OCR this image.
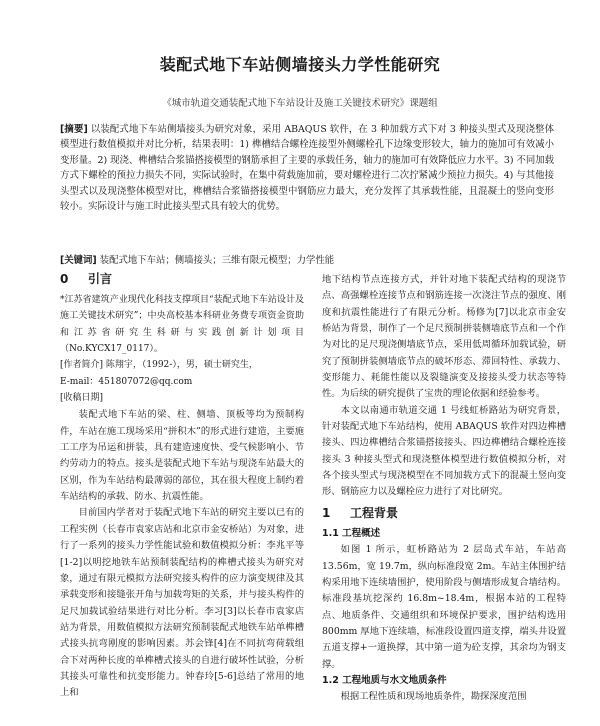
装配式地下车站侧墙接头力学性能研究
《城市轨道交通装配式地下车站设计及施工关键技术研究》课题组
[摘要] 以装配式地下车站侧墙接头为研究对象，采用 ABAQUS 软件，在 3 种加载方式下对 3 种接头型式及现浇整体模型进行数值模拟并对比分析，结果表明：1) 榫槽结合螺栓连接型外侧螺栓孔下边缘变形较大，轴力的施加可有效减小变形量。2) 现浇、榫槽结合浆锚搭接模型的钢筋承担了主要的承载任务，轴力的施加可有效降低应力水平。3) 不同加载方式下螺栓的预拉力损失不同，实际试验时，在集中荷载施加前，要对螺栓进行二次拧紧减少预拉力损失。4) 与其他接头型式以及现浇整体模型对比，榫槽结合浆锚搭接模型中钢筋应力最大，充分发挥了其承载性能，且混凝土的竖向变形较小。实际设计与施工时此接头型式具有较大的优势。
[关键词] 装配式地下车站；侧墙接头；三维有限元模型；力学性能

0 引言

*江苏省建筑产业现代化科技支撑项目“装配式地下车站设计及施工关键技术研究”；中央高校基本科研业务费专项资金资助和江苏省研究生科研与实践创新计划项目（No.KYCX17_0117）。

[作者简介] 陈翔宇，（1992-），男，硕士研究生，

E-mail：451807072@qq.com

[收稿日期]

装配式地下车站的梁、柱、侧墙、顶板等均为预制构件，车站在施工现场采用“拼积木”的形式进行建造，主要施工工序为吊运和拼装，具有建造速度快、受气候影响小、节约劳动力的特点。接头是装配式地下车站与现浇车站最大的区别，作为车站结构最薄弱的部位，其在很大程度上制约着车站结构的承载、防水、抗震性能。

目前国内学者对于装配式地下车站的研究主要以已有的工程实例（长春市袁家店站和北京市金安桥站）为对象，进行了一系列的接头力学性能试验和数值模拟分析：李兆平等[1-2]以明挖地铁车站预制装配结构的榫槽式接头为研究对象，通过有限元模拟方法研究接头构件的应力演变规律及其承载变形和接缝张开角与加载弯矩的关系，并与接头构件的足尺加载试验结果进行对比分析。李习[3]以长春市袁家店站为背景，用数值模拟方法研究预制装配式地铁车站单榫槽式接头抗弯刚度的影响因素。苏会锋[4]在不同抗弯荷载组合下对两种长度的单榫槽式接头的自进行破坏性试验，分析其接头可靠性和抗变形能力。钟春玲[5-6]总结了常用的地上和

地下结构节点连接方式，并针对地下装配式结构的现浇节点、高强螺栓连接节点和钢筋连接一次浇注节点的强度、刚度和抗震性能进行了有限元分析。杨修为[7]以北京市金安桥站为背景，制作了一个足尺预制拼装侧墙底节点和一个作为对比的足尺现浇侧墙底节点，采用低周循环加载试验，研究了预制拼装侧墙底节点的破坏形态、滞回特性、承载力、变形能力、耗能性能以及裂缝演变及接接头受力状态等特性。为后续的研究提供了宝贵的理论依据和经验参考。

本文以南通市轨道交通 1 号线虹桥路站为研究背景，针对装配式地下车站结构，使用 ABAQUS 软件对四边榫槽接头、四边榫槽结合浆锚搭接接头、四边榫槽结合螺栓连接接头 3 种接头型式和现浇整体模型进行数值模拟分析，对各个接头型式与现浇模型在不同加载方式下的混凝土竖向变形、钢筋应力以及螺栓应力进行了对比研究。

1 工程背景

1.1 工程概述

如图 1 所示，虹桥路站为 2 层岛式车站，车站高 13.56m，宽 19.7m，纵向标准段宽 2m。车站主体围护结构采用地下连续墙围护，使用阶段与侧墙形成复合墙结构。标准段基坑挖深约 16.8m~18.4m，根据本站的工程特点、地质条件、交通组织和环境保护要求，围护结构选用 800mm 厚地下连续墙，标准段设置四道支撑，端头井设置五道支撑+一道换撑，其中第一道为砼支撑，其余均为钢支撑。

1.2 工程地质与水文地质条件

根据工程性质和现场地质条件，勘探深度范围
